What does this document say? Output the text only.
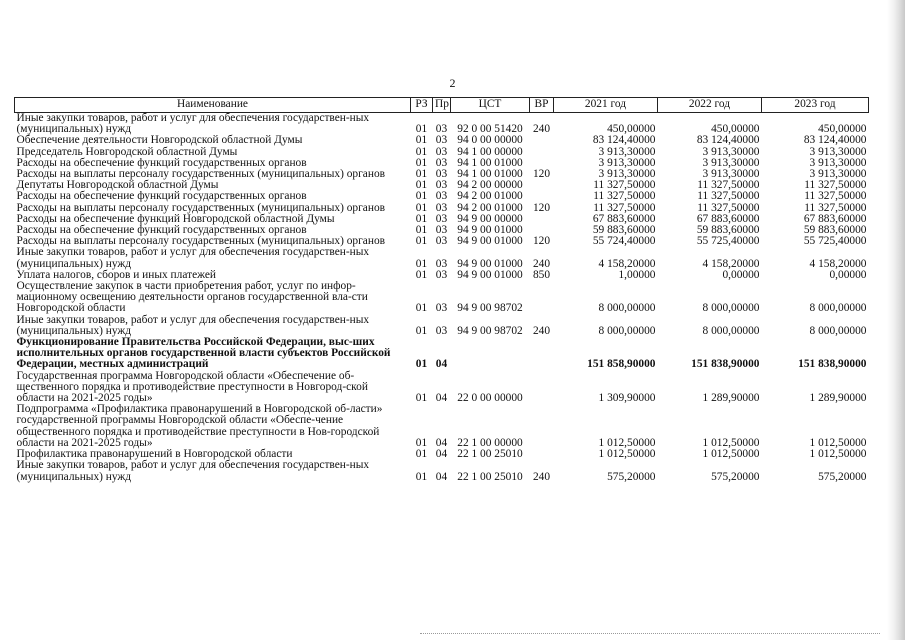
2
Наименование	РЗ	Пр	ЦСТ	ВР	2021 год	2022 год	2023 год
Иные закупки товаров, работ и услуг для обеспечения государствен-ных (муниципальных) нужд	01	03	92 0 00 51420	240	450,00000	450,00000	450,00000
Обеспечение деятельности Новгородской областной Думы	01	03	94 0 00 00000		83 124,40000	83 124,40000	83 124,40000
Председатель Новгородской областной Думы	01	03	94 1 00 00000		3 913,30000	3 913,30000	3 913,30000
Расходы на обеспечение функций государственных органов	01	03	94 1 00 01000		3 913,30000	3 913,30000	3 913,30000
Расходы на выплаты персоналу государственных (муниципальных) органов	01	03	94 1 00 01000	120	3 913,30000	3 913,30000	3 913,30000
Депутаты Новгородской областной Думы	01	03	94 2 00 00000		11 327,50000	11 327,50000	11 327,50000
Расходы на обеспечение функций государственных органов	01	03	94 2 00 01000		11 327,50000	11 327,50000	11 327,50000
Расходы на выплаты персоналу государственных (муниципальных) органов	01	03	94 2 00 01000	120	11 327,50000	11 327,50000	11 327,50000
Расходы на обеспечение функций Новгородской областной Думы	01	03	94 9 00 00000		67 883,60000	67 883,60000	67 883,60000
Расходы на обеспечение функций государственных органов	01	03	94 9 00 01000		59 883,60000	59 883,60000	59 883,60000
Расходы на выплаты персоналу государственных (муниципальных) органов	01	03	94 9 00 01000	120	55 724,40000	55 725,40000	55 725,40000
Иные закупки товаров, работ и услуг для обеспечения государствен-ных (муниципальных) нужд	01	03	94 9 00 01000	240	4 158,20000	4 158,20000	4 158,20000
Уплата налогов, сборов и иных платежей	01	03	94 9 00 01000	850	1,00000	0,00000	0,00000
Осуществление закупок в части приобретения работ, услуг по инфор-мационному освещению деятельности органов государственной вла-сти Новгородской области	01	03	94 9 00 98702		8 000,00000	8 000,00000	8 000,00000
Иные закупки товаров, работ и услуг для обеспечения государствен-ных (муниципальных) нужд	01	03	94 9 00 98702	240	8 000,00000	8 000,00000	8 000,00000
Функционирование Правительства Российской Федерации, выс-ших исполнительных органов государственной власти субъектов Российской Федерации, местных администраций	01	04			151 858,90000	151 838,90000	151 838,90000
Государственная программа Новгородской области «Обеспечение об-щественного порядка и противодействие преступности в Новгород-ской области на 2021-2025 годы»	01	04	22 0 00 00000		1 309,90000	1 289,90000	1 289,90000
Подпрограмма «Профилактика правонарушений в Новгородской об-ласти» государственной программы Новгородской области «Обеспе-чение общественного порядка и противодействие преступности в Нов-городской области на 2021-2025 годы»	01	04	22 1 00 00000		1 012,50000	1 012,50000	1 012,50000
Профилактика правонарушений в Новгородской области	01	04	22 1 00 25010		1 012,50000	1 012,50000	1 012,50000
Иные закупки товаров, работ и услуг для обеспечения государствен-ных (муниципальных) нужд	01	04	22 1 00 25010	240	575,20000	575,20000	575,20000
